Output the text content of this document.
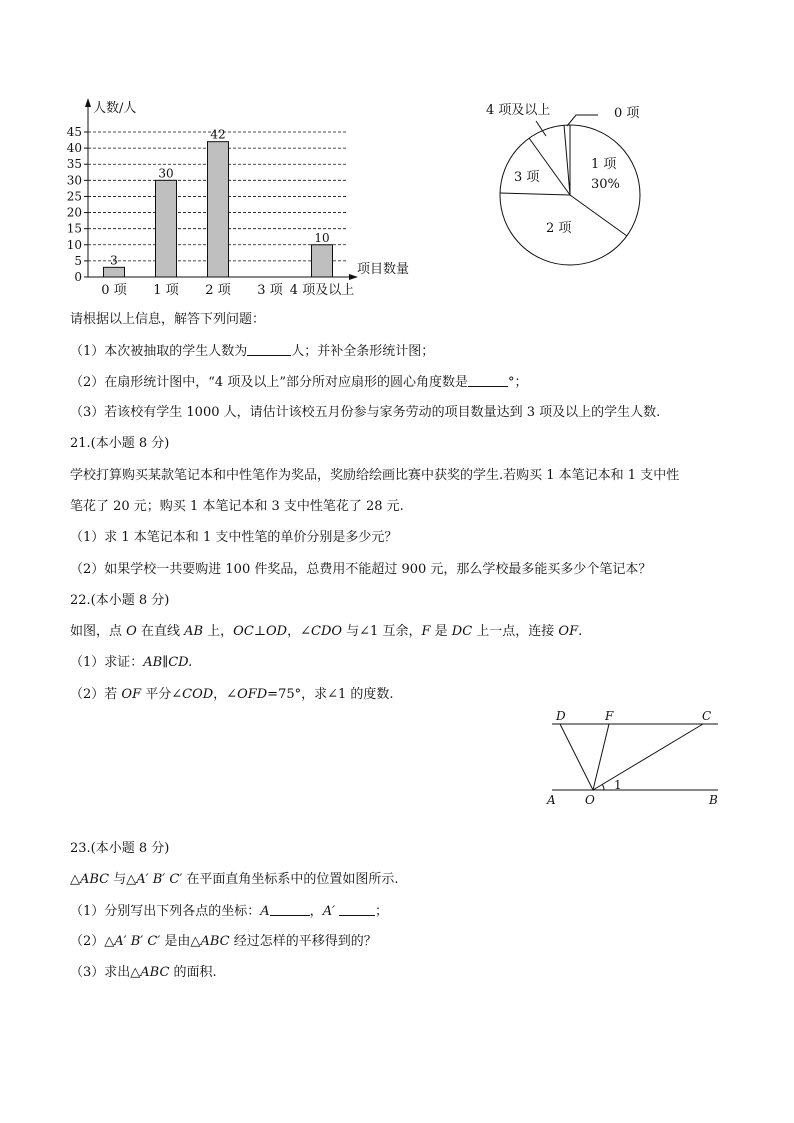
0
5
10
15
20
25
30
35
40
45
3
30
42
10
0 项 1 项 2 项 3 项 4 项及以上
人数/人
项目数量
0 项
4 项及以上
1 项
30%
3 项
2 项
请根据以上信息，解答下列问题：
（1）本次被抽取的学生人数为	人；并补全条形统计图；
（2）在扇形统计图中，“4 项及以上”部分所对应扇形的圆心角度数是	°；
（3）若该校有学生 1000 人，请估计该校五月份参与家务劳动的项目数量达到 3 项及以上的学生人数.
21.(本小题 8 分)
学校打算购买某款笔记本和中性笔作为奖品，奖励给绘画比赛中获奖的学生.若购买 1 本笔记本和 1 支中性
笔花了 20 元；购买 1 本笔记本和 3 支中性笔花了 28 元.
（1）求 1 本笔记本和 1 支中性笔的单价分别是多少元？
（2）如果学校一共要购进 100 件奖品，总费用不能超过 900 元，那么学校最多能买多少个笔记本？
22.(本小题 8 分)
如图，点 O 在直线 AB 上，OC⊥OD，∠CDO 与∠1 互余，F 是 DC 上一点，连接 OF.
（1）求证：AB∥CD.
（2）若 OF 平分∠COD，∠OFD=75°，求∠1 的度数.
D	F	C
A O	B
1
23.(本小题 8 分)
△ABC 与△A′ B′ C′ 在平面直角坐标系中的位置如图所示.
（1）分别写出下列各点的坐标：A	，A′	；
（2）△A′ B′ C′ 是由△ABC 经过怎样的平移得到的？
（3）求出△ABC 的面积.
